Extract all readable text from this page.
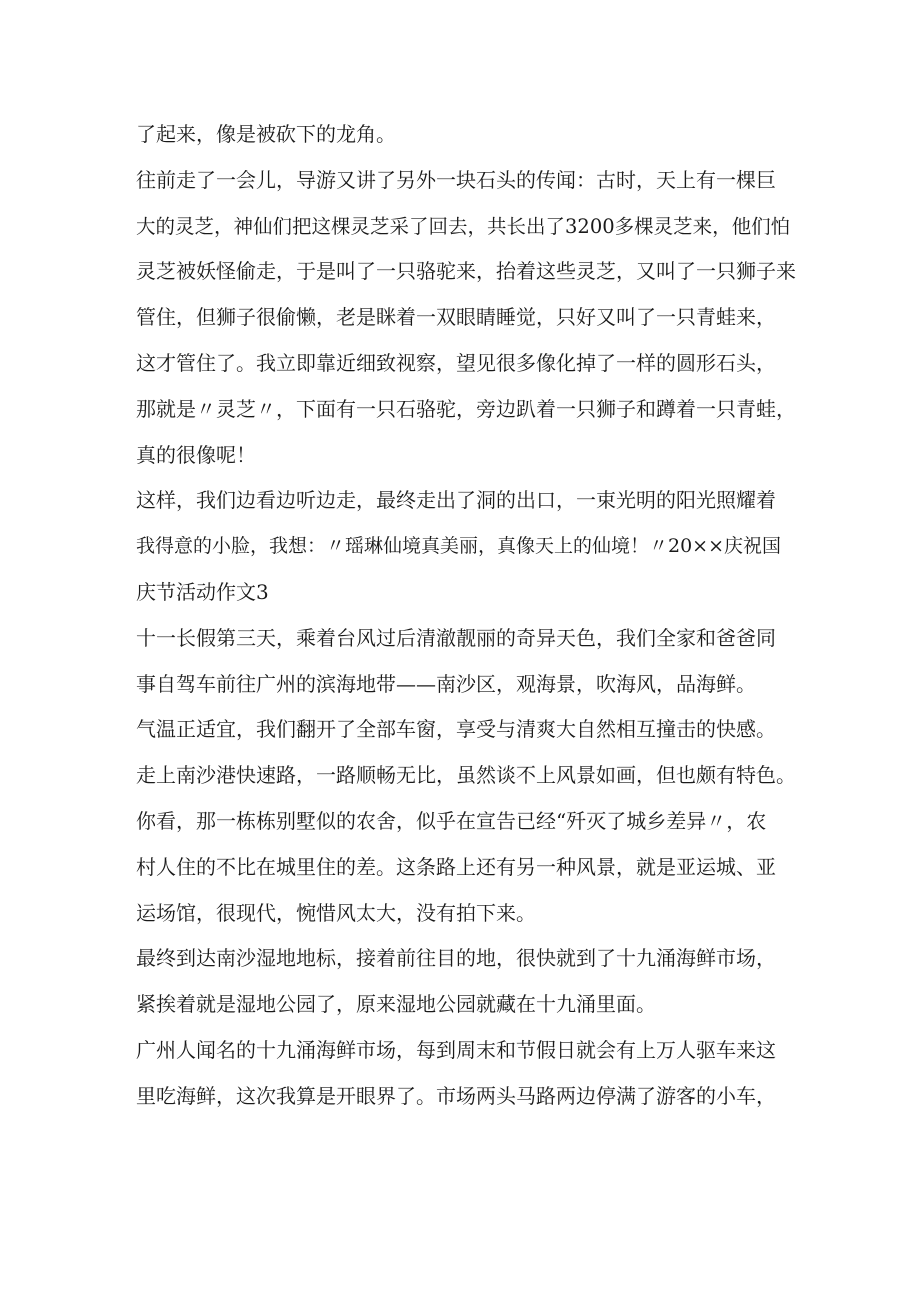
了起来，像是被砍下的龙角。
往前走了一会儿，导游又讲了另外一块石头的传闻：古时，天上有一棵巨
大的灵芝，神仙们把这棵灵芝采了回去，共长出了3200多棵灵芝来，他们怕
灵芝被妖怪偷走，于是叫了一只骆驼来，抬着这些灵芝，又叫了一只狮子来
管住，但狮子很偷懒，老是眯着一双眼睛睡觉，只好又叫了一只青蛙来，
这才管住了。我立即靠近细致视察，望见很多像化掉了一样的圆形石头，
那就是〃灵芝〃，下面有一只石骆驼，旁边趴着一只狮子和蹲着一只青蛙，
真的很像呢！
这样，我们边看边听边走，最终走出了洞的出口，一束光明的阳光照耀着
我得意的小脸，我想：〃瑶琳仙境真美丽，真像天上的仙境！〃20××庆祝国
庆节活动作文3
十一长假第三天，乘着台风过后清澈靓丽的奇异天色，我们全家和爸爸同
事自驾车前往广州的滨海地带——南沙区，观海景，吹海风，品海鲜。
气温正适宜，我们翻开了全部车窗，享受与清爽大自然相互撞击的快感。
走上南沙港快速路，一路顺畅无比，虽然谈不上风景如画，但也颇有特色。
你看，那一栋栋别墅似的农舍，似乎在宣告已经“歼灭了城乡差异〃，农
村人住的不比在城里住的差。这条路上还有另一种风景，就是亚运城、亚
运场馆，很现代，惋惜风太大，没有拍下来。
最终到达南沙湿地地标，接着前往目的地，很快就到了十九涌海鲜市场，
紧挨着就是湿地公园了，原来湿地公园就藏在十九涌里面。
广州人闻名的十九涌海鲜市场，每到周末和节假日就会有上万人驱车来这
里吃海鲜，这次我算是开眼界了。市场两头马路两边停满了游客的小车，
